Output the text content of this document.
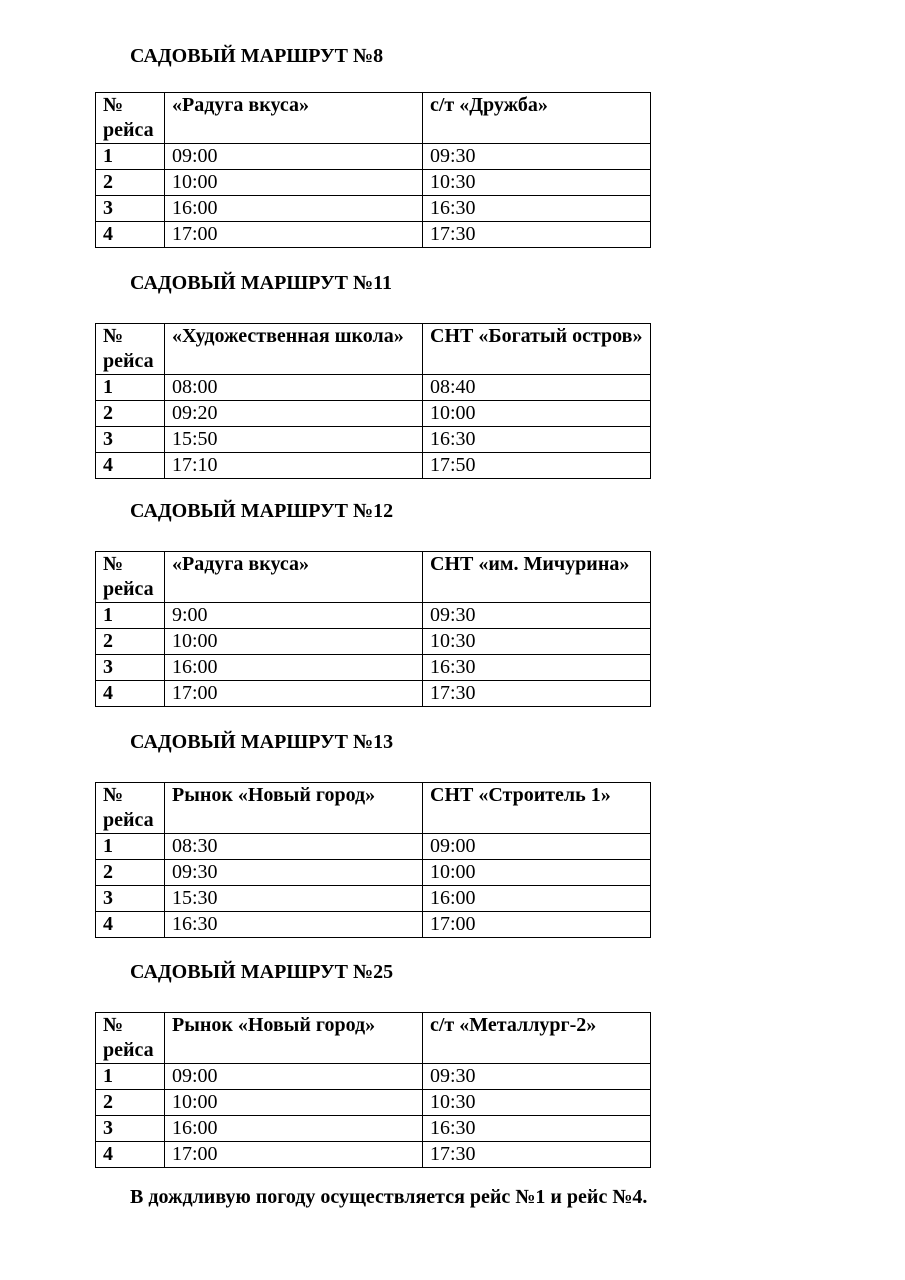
САДОВЫЙ МАРШРУТ №8
№ рейса	«Радуга вкуса»	с/т «Дружба»
1	09:00	09:30
2	10:00	10:30
3	16:00	16:30
4	17:00	17:30
САДОВЫЙ МАРШРУТ №11
№ рейса	«Художественная школа»	СНТ «Богатый остров»
1	08:00	08:40
2	09:20	10:00
3	15:50	16:30
4	17:10	17:50
САДОВЫЙ МАРШРУТ №12
№ рейса	«Радуга вкуса»	СНТ «им. Мичурина»
1	9:00	09:30
2	10:00	10:30
3	16:00	16:30
4	17:00	17:30
САДОВЫЙ МАРШРУТ №13
№ рейса	Рынок «Новый город»	СНТ «Строитель 1»
1	08:30	09:00
2	09:30	10:00
3	15:30	16:00
4	16:30	17:00
САДОВЫЙ МАРШРУТ №25
№ рейса	Рынок «Новый город»	с/т «Металлург-2»
1	09:00	09:30
2	10:00	10:30
3	16:00	16:30
4	17:00	17:30

В дождливую погоду осуществляется рейс №1 и рейс №4.
